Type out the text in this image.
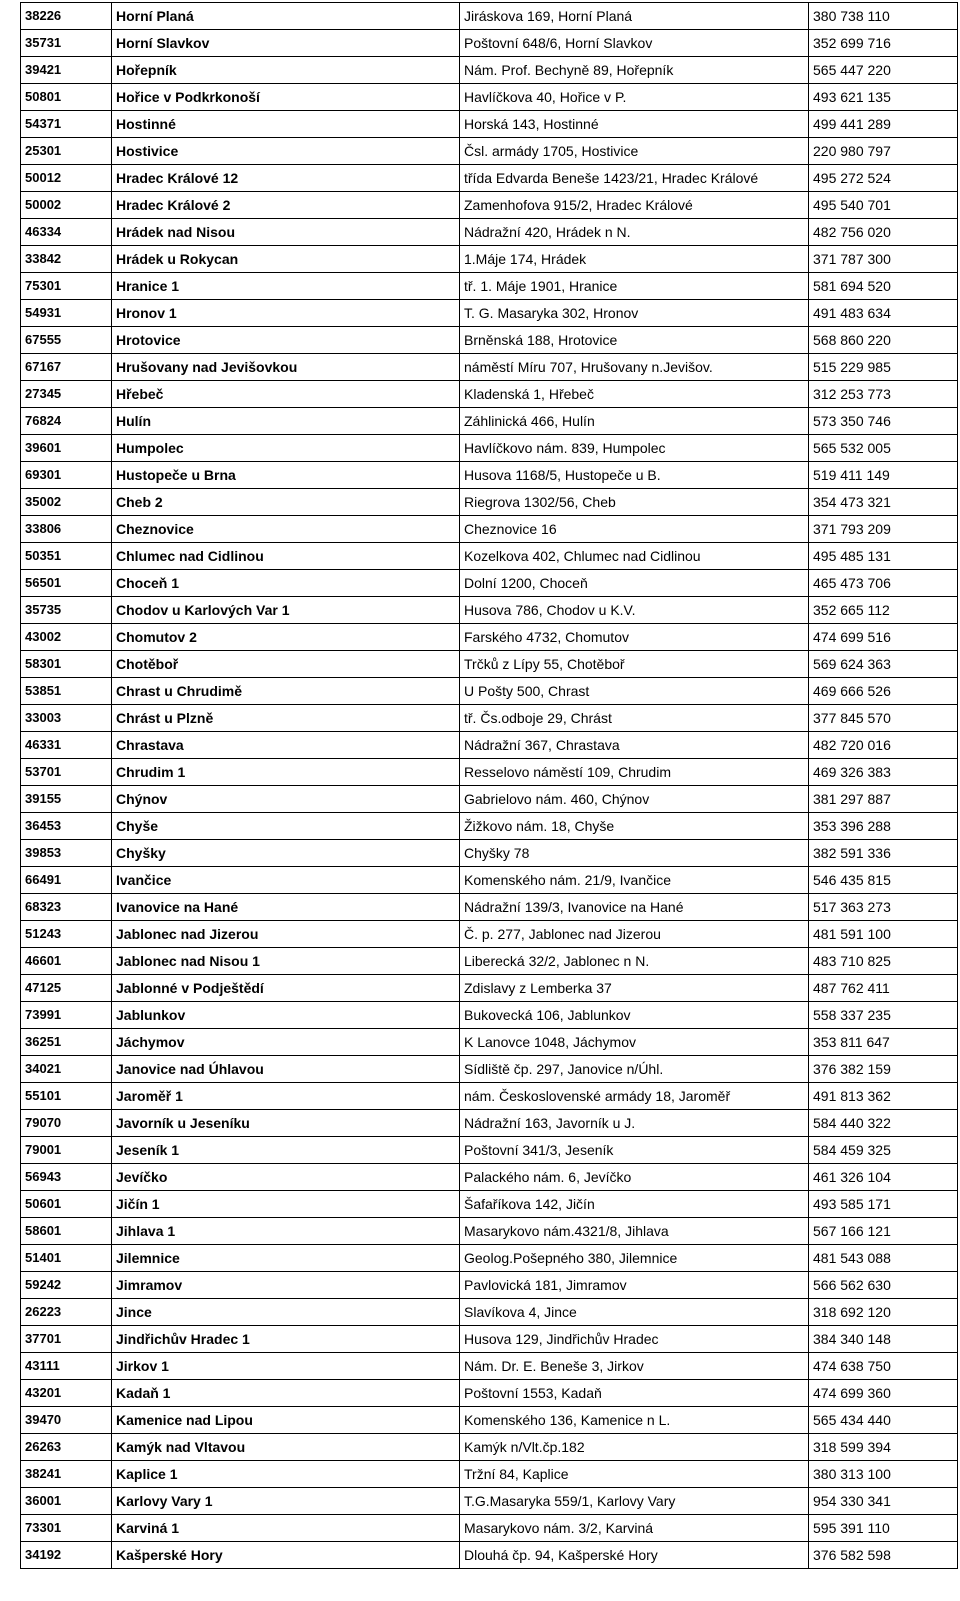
38226	Horní Planá	Jiráskova 169, Horní Planá	380 738 110
35731	Horní Slavkov	Poštovní 648/6, Horní Slavkov	352 699 716
39421	Hořepník	Nám. Prof. Bechyně 89, Hořepník	565 447 220
50801	Hořice v Podkrkonoší	Havlíčkova 40, Hořice v P.	493 621 135
54371	Hostinné	Horská 143, Hostinné	499 441 289
25301	Hostivice	Čsl. armády 1705, Hostivice	220 980 797
50012	Hradec Králové 12	třída Edvarda Beneše 1423/21, Hradec Králové	495 272 524
50002	Hradec Králové 2	Zamenhofova 915/2, Hradec Králové	495 540 701
46334	Hrádek nad Nisou	Nádražní 420, Hrádek n N.	482 756 020
33842	Hrádek u Rokycan	1.Máje 174, Hrádek	371 787 300
75301	Hranice 1	tř. 1. Máje 1901, Hranice	581 694 520
54931	Hronov 1	T. G. Masaryka 302, Hronov	491 483 634
67555	Hrotovice	Brněnská 188, Hrotovice	568 860 220
67167	Hrušovany nad Jevišovkou	náměstí Míru 707, Hrušovany n.Jevišov.	515 229 985
27345	Hřebeč	Kladenská 1, Hřebeč	312 253 773
76824	Hulín	Záhlinická 466, Hulín	573 350 746
39601	Humpolec	Havlíčkovo nám. 839, Humpolec	565 532 005
69301	Hustopeče u Brna	Husova 1168/5, Hustopeče u B.	519 411 149
35002	Cheb 2	Riegrova 1302/56, Cheb	354 473 321
33806	Cheznovice	Cheznovice 16	371 793 209
50351	Chlumec nad Cidlinou	Kozelkova 402, Chlumec nad Cidlinou	495 485 131
56501	Choceň 1	Dolní 1200, Choceň	465 473 706
35735	Chodov u Karlových Var 1	Husova 786, Chodov u K.V.	352 665 112
43002	Chomutov 2	Farského 4732, Chomutov	474 699 516
58301	Chotěboř	Trčků z Lípy 55, Chotěboř	569 624 363
53851	Chrast u Chrudimě	U Pošty 500, Chrast	469 666 526
33003	Chrást u Plzně	tř. Čs.odboje 29, Chrást	377 845 570
46331	Chrastava	Nádražní 367, Chrastava	482 720 016
53701	Chrudim 1	Resselovo náměstí 109, Chrudim	469 326 383
39155	Chýnov	Gabrielovo nám. 460, Chýnov	381 297 887
36453	Chyše	Žižkovo nám. 18, Chyše	353 396 288
39853	Chyšky	Chyšky 78	382 591 336
66491	Ivančice	Komenského nám. 21/9, Ivančice	546 435 815
68323	Ivanovice na Hané	Nádražní 139/3, Ivanovice na Hané	517 363 273
51243	Jablonec nad Jizerou	Č. p. 277, Jablonec nad Jizerou	481 591 100
46601	Jablonec nad Nisou 1	Liberecká 32/2, Jablonec n N.	483 710 825
47125	Jablonné v Podještědí	Zdislavy z Lemberka 37	487 762 411
73991	Jablunkov	Bukovecká 106, Jablunkov	558 337 235
36251	Jáchymov	K Lanovce 1048, Jáchymov	353 811 647
34021	Janovice nad Úhlavou	Sídliště čp. 297, Janovice n/Úhl.	376 382 159
55101	Jaroměř 1	nám. Československé armády 18, Jaroměř	491 813 362
79070	Javorník u Jeseníku	Nádražní 163, Javorník u J.	584 440 322
79001	Jeseník 1	Poštovní 341/3, Jeseník	584 459 325
56943	Jevíčko	Palackého nám. 6, Jevíčko	461 326 104
50601	Jičín 1	Šafaříkova 142, Jičín	493 585 171
58601	Jihlava 1	Masarykovo nám.4321/8, Jihlava	567 166 121
51401	Jilemnice	Geolog.Pošepného 380, Jilemnice	481 543 088
59242	Jimramov	Pavlovická 181, Jimramov	566 562 630
26223	Jince	Slavíkova 4, Jince	318 692 120
37701	Jindřichův Hradec 1	Husova 129, Jindřichův Hradec	384 340 148
43111	Jirkov 1	Nám. Dr. E. Beneše 3, Jirkov	474 638 750
43201	Kadaň 1	Poštovní 1553, Kadaň	474 699 360
39470	Kamenice nad Lipou	Komenského 136, Kamenice n L.	565 434 440
26263	Kamýk nad Vltavou	Kamýk n/Vlt.čp.182	318 599 394
38241	Kaplice 1	Tržní 84, Kaplice	380 313 100
36001	Karlovy Vary 1	T.G.Masaryka 559/1, Karlovy Vary	954 330 341
73301	Karviná 1	Masarykovo nám. 3/2, Karviná	595 391 110
34192	Kašperské Hory	Dlouhá čp. 94, Kašperské Hory	376 582 598
